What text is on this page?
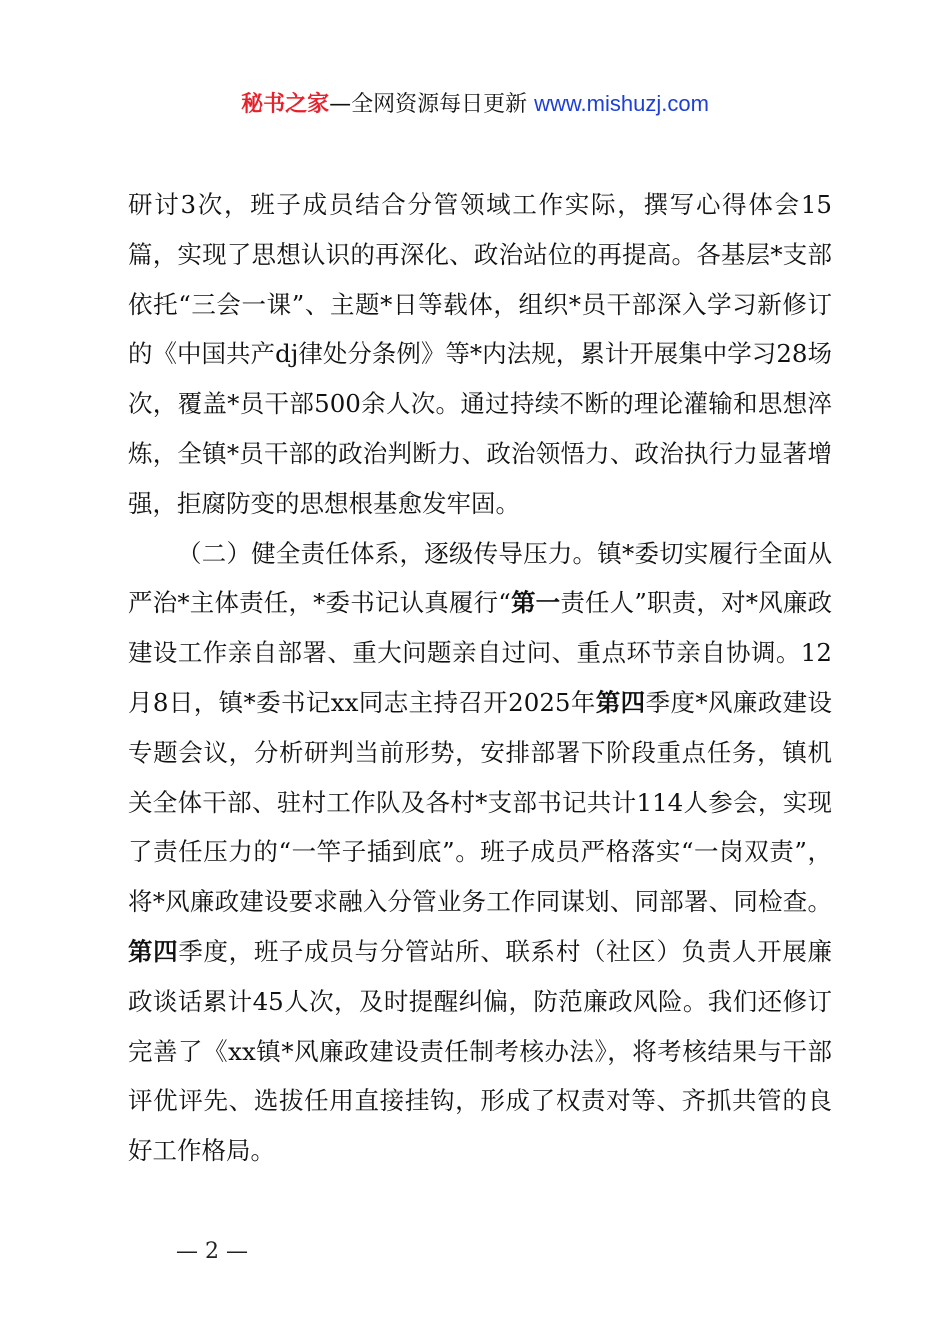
秘书之家—全网资源每日更新 www.mishuzj.com

研讨3次，班子成员结合分管领域工作实际，撰写心得体会15篇，实现了思想认识的再深化、政治站位的再提高。各基层*支部依托“三会一课”、主题*日等载体，组织*员干部深入学习新修订的《中国共产dj律处分条例》等*内法规，累计开展集中学习28场次，覆盖*员干部500余人次。通过持续不断的理论灌输和思想淬炼，全镇*员干部的政治判断力、政治领悟力、政治执行力显著增强，拒腐防变的思想根基愈发牢固。

（二）健全责任体系，逐级传导压力。镇*委切实履行全面从严治*主体责任，*委书记认真履行“第一责任人”职责，对*风廉政建设工作亲自部署、重大问题亲自过问、重点环节亲自协调。12月8日，镇*委书记xx同志主持召开2025年第四季度*风廉政建设专题会议，分析研判当前形势，安排部署下阶段重点任务，镇机关全体干部、驻村工作队及各村*支部书记共计114人参会，实现了责任压力的“一竿子插到底”。班子成员严格落实“一岗双责”，将*风廉政建设要求融入分管业务工作同谋划、同部署、同检查。第四季度，班子成员与分管站所、联系村（社区）负责人开展廉政谈话累计45人次，及时提醒纠偏，防范廉政风险。我们还修订完善了《xx镇*风廉政建设责任制考核办法》，将考核结果与干部评优评先、选拔任用直接挂钩，形成了权责对等、齐抓共管的良好工作格局。

— 2 —
